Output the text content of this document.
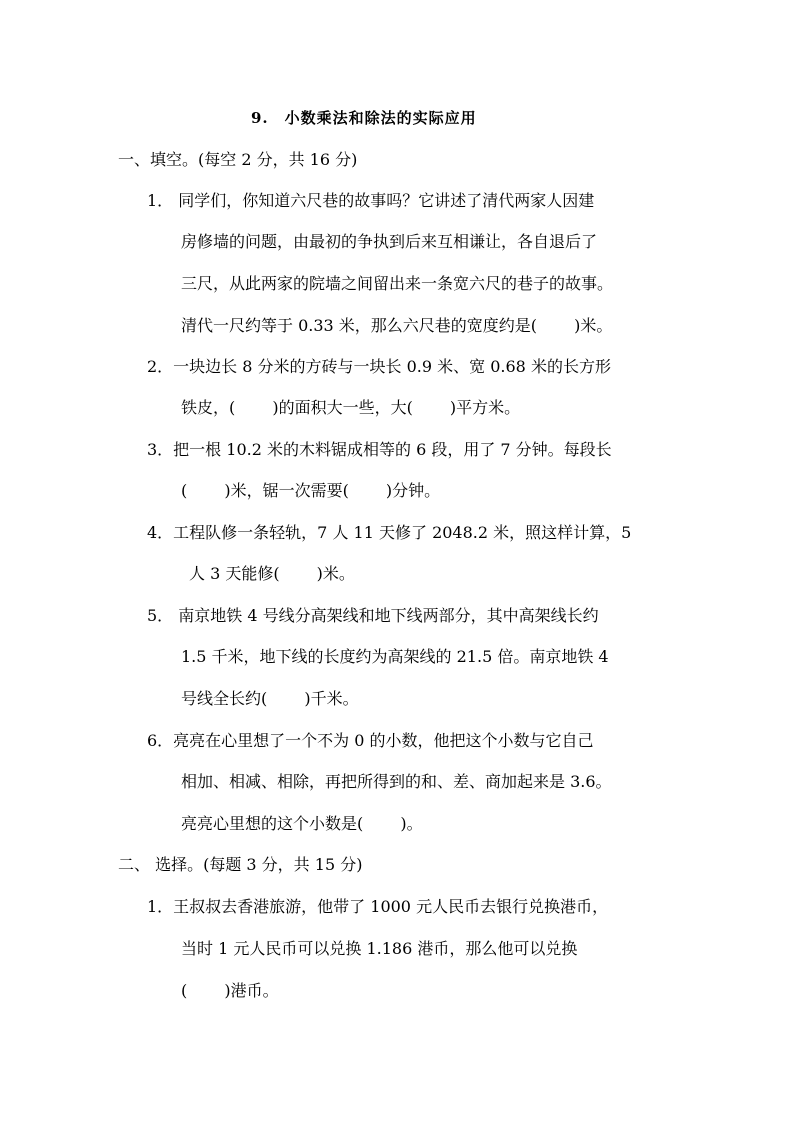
9.　小数乘法和除法的实际应用
一、填空。(每空 2 分，共 16 分)
1． 同学们，你知道六尺巷的故事吗？它讲述了清代两家人因建
房修墙的问题，由最初的争执到后来互相谦让，各自退后了
三尺，从此两家的院墙之间留出来一条宽六尺的巷子的故事。
清代一尺约等于 0.33 米，那么六尺巷的宽度约是(　　 )米。
2．一块边长 8 分米的方砖与一块长 0.9 米、宽 0.68 米的长方形
铁皮，(　　 )的面积大一些，大(　　 )平方米。
3．把一根 10.2 米的木料锯成相等的 6 段，用了 7 分钟。每段长
(　　 )米，锯一次需要(　　 )分钟。
4．工程队修一条轻轨，7 人 11 天修了 2048.2 米，照这样计算，5
人 3 天能修(　　 )米。
5． 南京地铁 4 号线分高架线和地下线两部分，其中高架线长约
1.5 千米，地下线的长度约为高架线的 21.5 倍。南京地铁 4
号线全长约(　　 )千米。
6．亮亮在心里想了一个不为 0 的小数，他把这个小数与它自己
相加、相减、相除，再把所得到的和、差、商加起来是 3.6。
亮亮心里想的这个小数是(　　 )。
二、 选择。(每题 3 分，共 15 分)
1．王叔叔去香港旅游，他带了 1000 元人民币去银行兑换港币，
当时 1 元人民币可以兑换 1.186 港币，那么他可以兑换
(　　 )港币。
